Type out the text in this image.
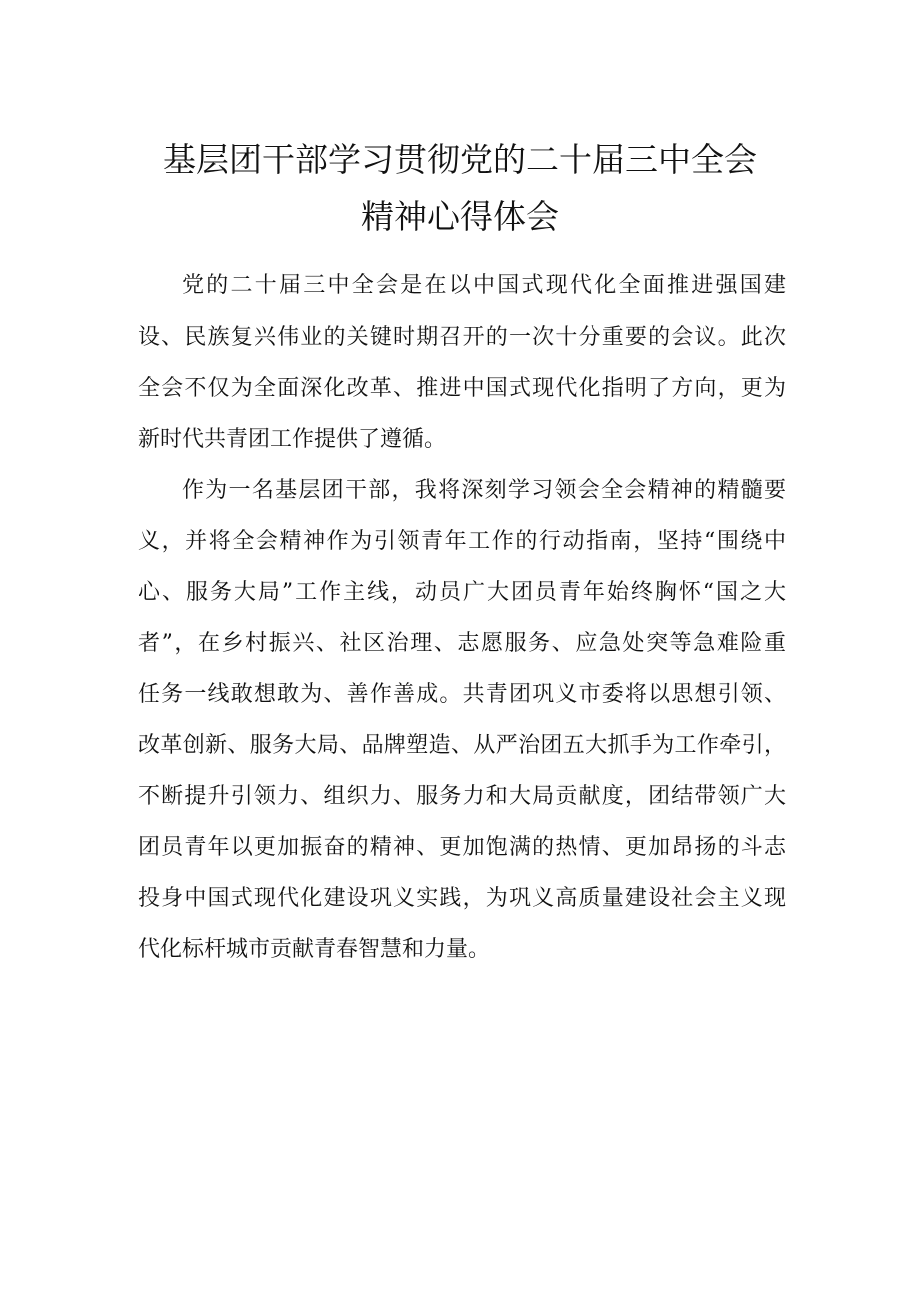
基层团干部学习贯彻党的二十届三中全会
精神心得体会
党的二十届三中全会是在以中国式现代化全面推进强国建
设、民族复兴伟业的关键时期召开的一次十分重要的会议。此次
全会不仅为全面深化改革、推进中国式现代化指明了方向，更为
新时代共青团工作提供了遵循。
作为一名基层团干部，我将深刻学习领会全会精神的精髓要
义，并将全会精神作为引领青年工作的行动指南，坚持“围绕中
心、服务大局”工作主线，动员广大团员青年始终胸怀“国之大
者”，在乡村振兴、社区治理、志愿服务、应急处突等急难险重
任务一线敢想敢为、善作善成。共青团巩义市委将以思想引领、
改革创新、服务大局、品牌塑造、从严治团五大抓手为工作牵引，
不断提升引领力、组织力、服务力和大局贡献度，团结带领广大
团员青年以更加振奋的精神、更加饱满的热情、更加昂扬的斗志
投身中国式现代化建设巩义实践，为巩义高质量建设社会主义现
代化标杆城市贡献青春智慧和力量。
